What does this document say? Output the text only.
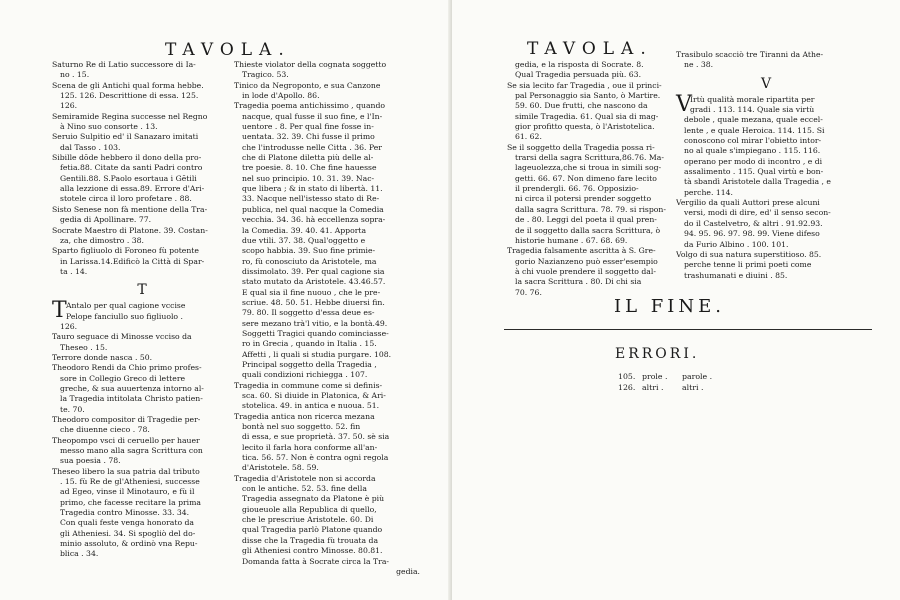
TAVOLA.
Saturno Re di Latio successore di Ia-
no . 15.
Scena de gli Antichi qual forma hebbe.
125. 126. Descrittione di essa. 125.
126.
Semiramide Regina successe nel Regno
à Nino suo consorte . 13.
Seruio Sulpitio ed' il Sanazaro imitati
dal Tasso . 103.
Sibille dōde hebbero il dono della pro-
fetia.88. Citate da santi Padri contro
Gentili.88. S.Paolo esortaua i Gētili
alla lezzione di essa.89. Errore d'Ari-
stotele circa il loro profetare . 88.
Sisto Senese non fà mentione della Tra-
gedia di Apollinare. 77.
Socrate Maestro di Platone. 39. Costan-
za, che dimostro . 38.
Sparto figliuolo di Foroneo fù potente
in Larissa.14.Edificò la Città di Spar-
ta . 14.
T
T Antalo per qual cagione vccise
Pelope fanciullo suo figliuolo .
126.
Tauro seguace di Minosse vcciso da
Theseo . 15.
Terrore donde nasca . 50.
Theodoro Rendi da Chio primo profes-
sore in Collegio Greco di lettere
greche, & sua auuertenza intorno al-
la Tragedia intitolata Christo patien-
te. 70.
Theodoro compositor di Tragedie per-
che diuenne cieco . 78.
Theopompo vsci di ceruello per hauer
messo mano alla sagra Scrittura con
sua poesia . 78.
Theseo libero la sua patria dal tributo
. 15. fù Re de gl'Atheniesi, successe
ad Egeo, vinse il Minotauro, e fù il
primo, che facesse recitare la prima
Tragedia contro Minosse. 33. 34.
Con quali feste venga honorato da
gli Atheniesi. 34. Si spogliò del do-
minio assoluto, & ordinò vna Repu-
blica . 34.
Thieste violator della cognata soggetto
Tragico. 53.
Tinico da Negroponto, e sua Canzone
in lode d'Apollo. 86.
Tragedia poema antichissimo , quando
nacque, qual fusse il suo fine, e l'In-
uentore . 8. Per qual fine fosse in-
uentata. 32. 39. Chi fusse il primo
che l'introdusse nelle Citta . 36. Per
che di Platone diletta più delle al-
tre poesie. 8. 10. Che fine hauesse
nel suo principio. 10. 31. 39. Nac-
que libera ; & in stato di libertà. 11.
33. Nacque nell'istesso stato di Re-
publica, nel qual nacque la Comedia
vecchia. 34. 36. hà eccellenza sopra-
la Comedia. 39. 40. 41. Apporta
due vtili. 37. 38. Qual'oggetto e
scopo habbia. 39. Suo fine primie-
ro, fù conosciuto da Aristotele, ma
dissimolato. 39. Per qual cagione sia
stato mutato da Aristotele. 43.46.57.
E qual sia il fine nuouo , che le pre-
scriue. 48. 50. 51. Hebbe diuersi fin.
79. 80. Il soggetto d'essa deue es-
sere mezano trà'l vitio, e la bontà.49.
Soggetti Tragici quando cominciasse-
ro in Grecia , quando in Italia . 15.
Affetti , li quali si studia purgare. 108.
Principal soggetto della Tragedia ,
quali condizioni richiegga . 107.
Tragedia in commune come si definis-
sca. 60. Si diuide in Platonica, & Ari-
stotelica. 49. in antica e nuoua. 51.
Tragedia antica non ricerca mezana
bontà nel suo soggetto. 52. fin
di essa, e sue proprietà. 37. 50. sè sia
lecito il farla hora conforme all'an-
tica. 56. 57. Non è contra ogni regola
d'Aristotele. 58. 59.
Tragedia d'Aristotele non si accorda
con le antiche. 52. 53. fine della
Tragedia assegnato da Platone è più
gioueuole alla Republica di quello,
che le prescriue Aristotele. 60. Di
qual Tragedia parlò Platone quando
disse che la Tragedia fù trouata da
gli Atheniesi contro Minosse. 80.81.
Domanda fatta à Socrate circa la Tra-
gedia.
TAVOLA.
gedia, e la risposta di Socrate. 8.
Qual Tragedia persuada più. 63.
Se sia lecito far Tragedia , oue il princi-
pal Personaggio sia Santo, ò Martire.
59. 60. Due frutti, che nascono da
simile Tragedia. 61. Qual sia di mag-
gior profitto questa, ò l'Aristotelica.
61. 62.
Se il soggetto della Tragedia possa ri-
trarsi della sagra Scrittura,86.76. Ma-
lageuolezza,che si troua in simili sog-
getti. 66. 67. Non dimeno fare lecito
il prendergli. 66. 76. Opposizio-
ni circa il potersi prender soggetto
dalla sagra Scrittura. 78. 79. si rispon-
de . 80. Leggi del poeta il qual pren-
de il soggetto dalla sacra Scrittura, ò
historie humane . 67. 68. 69.
Tragedia falsamente ascritta à S. Gre-
gorio Nazianzeno può esser'esempio
à chi vuole prendere il soggetto dal-
la sacra Scrittura . 80. Di chi sia
70. 76.
Trasibulo scacciò tre Tiranni da Athe-
ne . 38.
V
V
Irtù qualità morale ripartita per
gradi . 113. 114. Quale sia virtù
debole , quale mezana, quale eccel-
lente , e quale Heroica. 114. 115. Si
conoscono col mirar l'obietto intor-
no al quale s'impiegano . 115. 116.
operano per modo di incontro , e di
assalimento . 115. Qual virtù e bon-
tà sbandì Aristotele dalla Tragedia , e
perche. 114.
Vergilio da quali Auttori prese alcuni
versi, modi di dire, ed' il senso secon-
do il Castelvetro, & altri . 91.92.93.
94. 95. 96. 97. 98. 99. Viene difeso
da Furio Albino . 100. 101.
Volgo di sua natura superstitioso. 85.
perche tenne li primi poeti come
trashumanati e diuini . 85.
IL FINE.
ERRORI.
105. prole .	parole .
126. altri .	altri .
